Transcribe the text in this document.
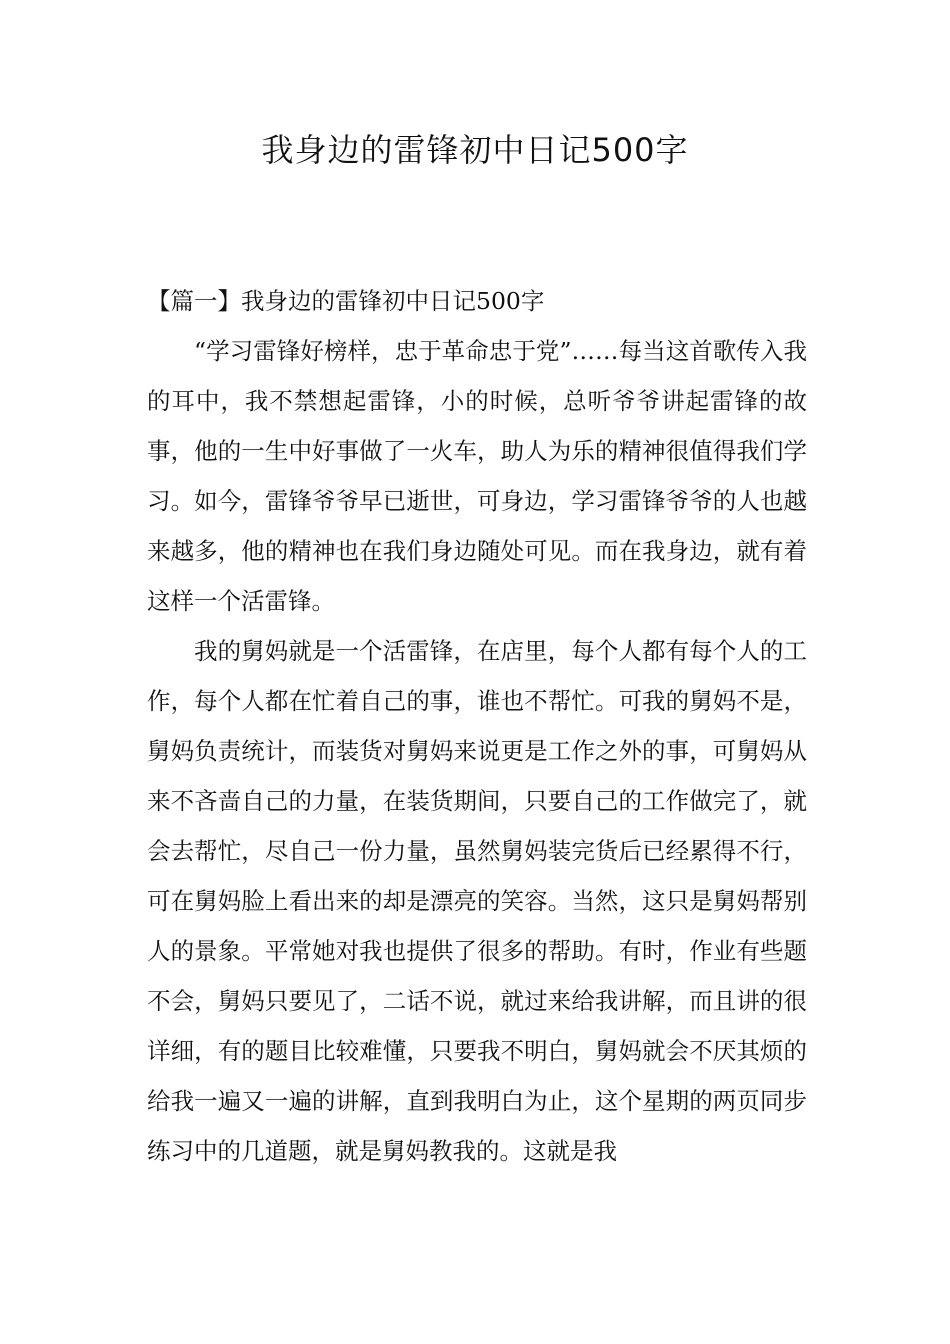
我身边的雷锋初中日记500字

【篇一】我身边的雷锋初中日记500字

“学习雷锋好榜样，忠于革命忠于党”……每当这首歌传入我的耳中，我不禁想起雷锋，小的时候，总听爷爷讲起雷锋的故事，他的一生中好事做了一火车，助人为乐的精神很值得我们学习。如今，雷锋爷爷早已逝世，可身边，学习雷锋爷爷的人也越来越多，他的精神也在我们身边随处可见。而在我身边，就有着这样一个活雷锋。

我的舅妈就是一个活雷锋，在店里，每个人都有每个人的工作，每个人都在忙着自己的事，谁也不帮忙。可我的舅妈不是，舅妈负责统计，而装货对舅妈来说更是工作之外的事，可舅妈从来不吝啬自己的力量，在装货期间，只要自己的工作做完了，就会去帮忙，尽自己一份力量，虽然舅妈装完货后已经累得不行，可在舅妈脸上看出来的却是漂亮的笑容。当然，这只是舅妈帮别人的景象。平常她对我也提供了很多的帮助。有时，作业有些题不会，舅妈只要见了，二话不说，就过来给我讲解，而且讲的很详细，有的题目比较难懂，只要我不明白，舅妈就会不厌其烦的给我一遍又一遍的讲解，直到我明白为止，这个星期的两页同步练习中的几道题，就是舅妈教我的。这就是我
